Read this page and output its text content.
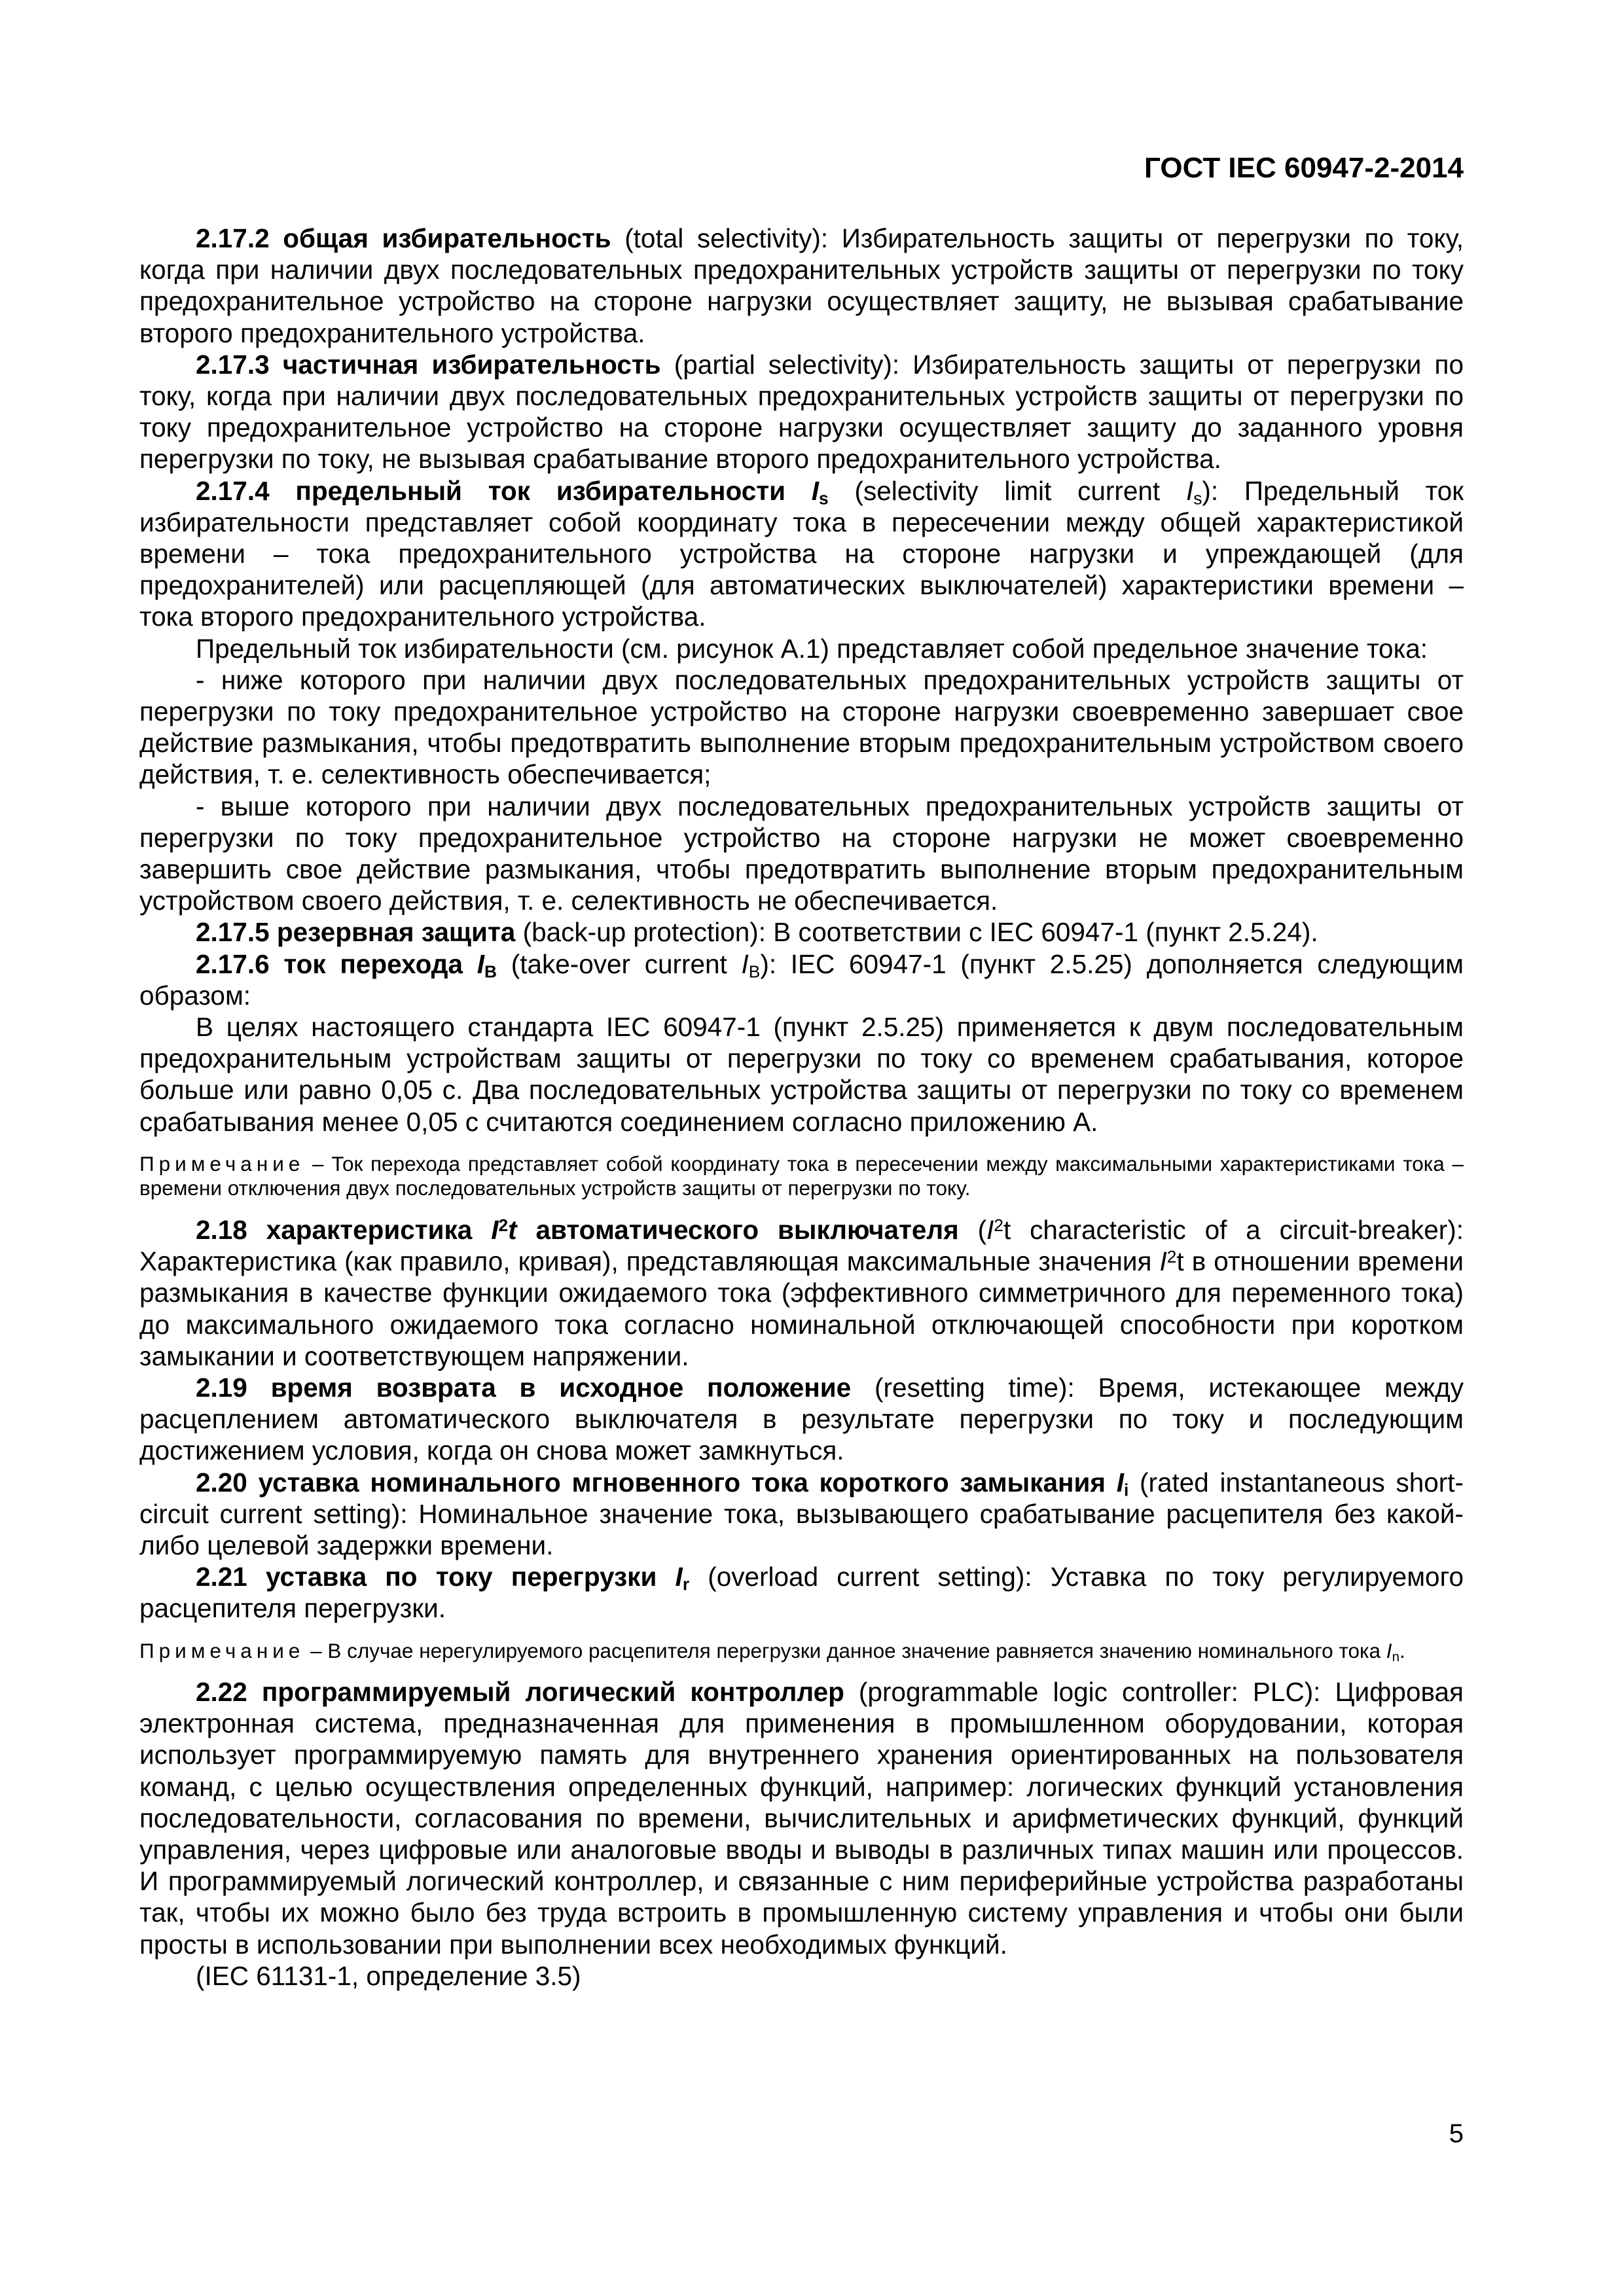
ГОСТ IEC 60947-2-2014

2.17.2 общая избирательность (total selectivity): Избирательность защиты от перегрузки по току, когда при наличии двух последовательных предохранительных устройств защиты от перегрузки по току предохранительное устройство на стороне нагрузки осуществляет защиту, не вызывая срабатывание второго предохранительного устройства.

2.17.3 частичная избирательность (partial selectivity): Избирательность защиты от перегрузки по току, когда при наличии двух последовательных предохранительных устройств защиты от перегрузки по току предохранительное устройство на стороне нагрузки осуществляет защиту до заданного уровня перегрузки по току, не вызывая срабатывание второго предохранительного устройства.

2.17.4 предельный ток избирательности $I_s$ (selectivity limit current $I_s$): Предельный ток избирательности представляет собой координату тока в пересечении между общей характеристикой времени – тока предохранительного устройства на стороне нагрузки и упреждающей (для предохранителей) или расцепляющей (для автоматических выключателей) характеристики времени – тока второго предохранительного устройства.

Предельный ток избирательности (см. рисунок А.1) представляет собой предельное значение тока:

- ниже которого при наличии двух последовательных предохранительных устройств защиты от перегрузки по току предохранительное устройство на стороне нагрузки своевременно завершает свое действие размыкания, чтобы предотвратить выполнение вторым предохранительным устройством своего действия, т. е. селективность обеспечивается;

- выше которого при наличии двух последовательных предохранительных устройств защиты от перегрузки по току предохранительное устройство на стороне нагрузки не может своевременно завершить свое действие размыкания, чтобы предотвратить выполнение вторым предохранительным устройством своего действия, т. е. селективность не обеспечивается.

2.17.5 резервная защита (back-up protection): В соответствии с IEC 60947-1 (пункт 2.5.24).

2.17.6 ток перехода $I_B$ (take-over current $I_B$): IEC 60947-1 (пункт 2.5.25) дополняется следующим образом:

В целях настоящего стандарта IEC 60947-1 (пункт 2.5.25) применяется к двум последовательным предохранительным устройствам защиты от перегрузки по току со временем срабатывания, которое больше или равно 0,05 с. Два последовательных устройства защиты от перегрузки по току со временем срабатывания менее 0,05 с считаются соединением согласно приложению А.

Примечание – Ток перехода представляет собой координату тока в пересечении между максимальными характеристиками тока – времени отключения двух последовательных устройств защиты от перегрузки по току.

2.18 характеристика $I^2t$ автоматического выключателя ($I^2t$ characteristic of a circuit-breaker): Характеристика (как правило, кривая), представляющая максимальные значения $I^2t$ в отношении времени размыкания в качестве функции ожидаемого тока (эффективного симметричного для переменного тока) до максимального ожидаемого тока согласно номинальной отключающей способности при коротком замыкании и соответствующем напряжении.

2.19 время возврата в исходное положение (resetting time): Время, истекающее между расцеплением автоматического выключателя в результате перегрузки по току и последующим достижением условия, когда он снова может замкнуться.

2.20 уставка номинального мгновенного тока короткого замыкания $I_i$ (rated instantaneous short-circuit current setting): Номинальное значение тока, вызывающего срабатывание расцепителя без какой-либо целевой задержки времени.

2.21 уставка по току перегрузки $I_r$ (overload current setting): Уставка по току регулируемого расцепителя перегрузки.

Примечание – В случае нерегулируемого расцепителя перегрузки данное значение равняется значению номинального тока $I_n$.

2.22 программируемый логический контроллер (programmable logic controller: PLC): Цифровая электронная система, предназначенная для применения в промышленном оборудовании, которая использует программируемую память для внутреннего хранения ориентированных на пользователя команд, с целью осуществления определенных функций, например: логических функций установления последовательности, согласования по времени, вычислительных и арифметических функций, функций управления, через цифровые или аналоговые вводы и выводы в различных типах машин или процессов. И программируемый логический контроллер, и связанные с ним периферийные устройства разработаны так, чтобы их можно было без труда встроить в промышленную систему управления и чтобы они были просты в использовании при выполнении всех необходимых функций.

(IEC 61131-1, определение 3.5)

5
